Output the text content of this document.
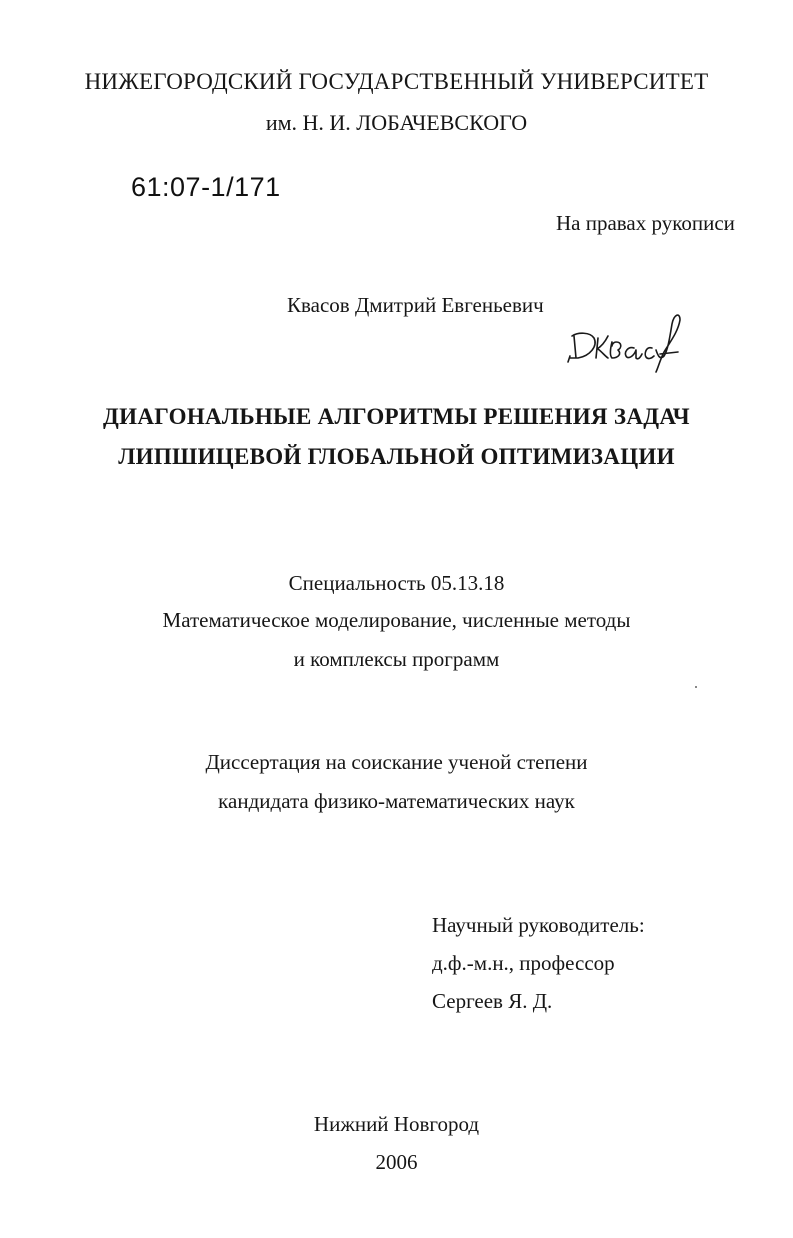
НИЖЕГОРОДСКИЙ ГОСУДАРСТВЕННЫЙ УНИВЕРСИТЕТ
им. Н. И. ЛОБАЧЕВСКОГО
61:07-1/171
На правах рукописи
Квасов Дмитрий Евгеньевич
ДИАГОНАЛЬНЫЕ АЛГОРИТМЫ РЕШЕНИЯ ЗАДАЧ
ЛИПШИЦЕВОЙ ГЛОБАЛЬНОЙ ОПТИМИЗАЦИИ
Специальность 05.13.18
Математическое моделирование, численные методы
и комплексы программ
Диссертация на соискание ученой степени
кандидата физико-математических наук
Научный руководитель:
д.ф.-м.н., профессор
Сергеев Я. Д.
Нижний Новгород
2006
